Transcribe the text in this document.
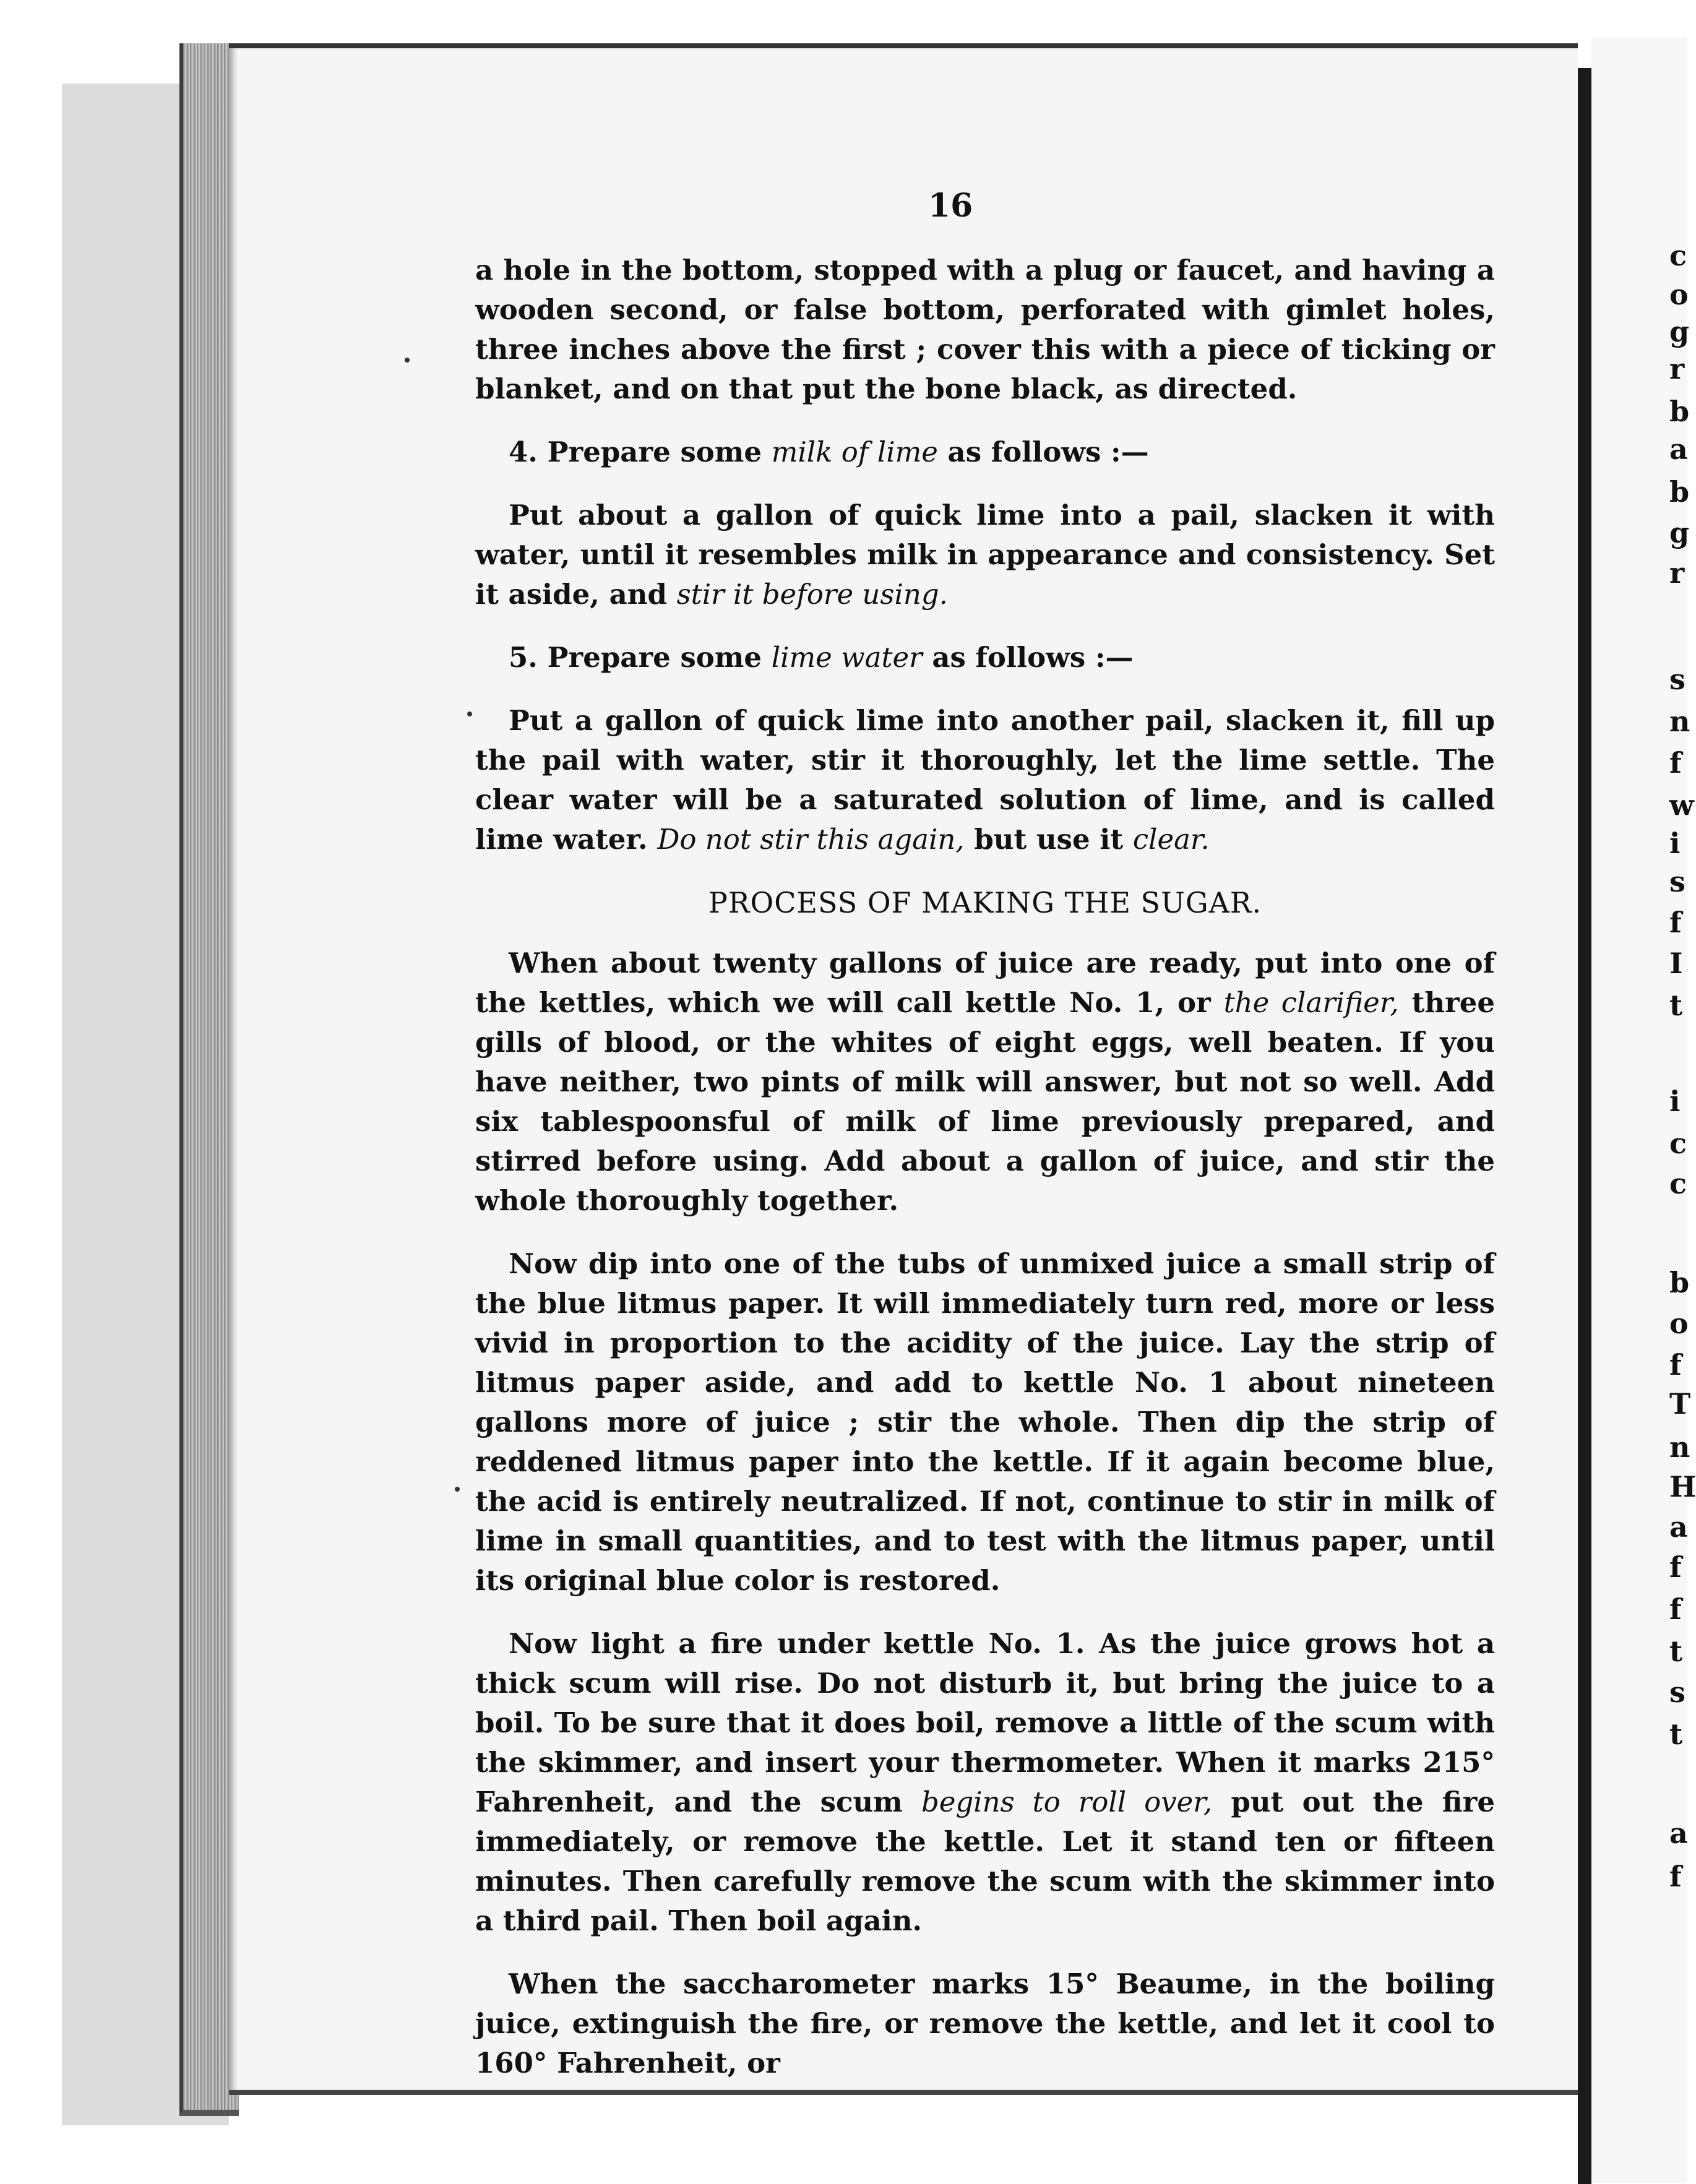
c
o
g
r
b
a
b
g
r
s
n
f
w
i
s
f
I
t
i
c
c
b
o
f
T
n
H
a
f
f
t
s
t
a
f
16

a hole in the bottom, stopped with a plug or faucet, and having a wooden second, or false bottom, perforated with gimlet holes, three inches above the first ; cover this with a piece of ticking or blanket, and on that put the bone black, as directed.

4. Prepare some milk of lime as follows :—

Put about a gallon of quick lime into a pail, slacken it with water, until it resembles milk in appearance and consistency. Set it aside, and stir it before using.

5. Prepare some lime water as follows :—

Put a gallon of quick lime into another pail, slacken it, fill up the pail with water, stir it thoroughly, let the lime settle. The clear water will be a saturated solution of lime, and is called lime water. Do not stir this again, but use it clear.

PROCESS OF MAKING THE SUGAR.

When about twenty gallons of juice are ready, put into one of the kettles, which we will call kettle No. 1, or the clarifier, three gills of blood, or the whites of eight eggs, well beaten. If you have neither, two pints of milk will answer, but not so well. Add six tablespoonsful of milk of lime previously prepared, and stirred before using. Add about a gallon of juice, and stir the whole thoroughly together.

Now dip into one of the tubs of unmixed juice a small strip of the blue litmus paper. It will immediately turn red, more or less vivid in proportion to the acidity of the juice. Lay the strip of litmus paper aside, and add to kettle No. 1 about nineteen gallons more of juice ; stir the whole. Then dip the strip of reddened litmus paper into the kettle. If it again become blue, the acid is entirely neutralized. If not, continue to stir in milk of lime in small quantities, and to test with the litmus paper, until its original blue color is restored.

Now light a fire under kettle No. 1. As the juice grows hot a thick scum will rise. Do not disturb it, but bring the juice to a boil. To be sure that it does boil, remove a little of the scum with the skimmer, and insert your thermometer. When it marks 215° Fahrenheit, and the scum begins to roll over, put out the fire immediately, or remove the kettle. Let it stand ten or fifteen minutes. Then carefully remove the scum with the skimmer into a third pail. Then boil again.

When the saccharometer marks 15° Beaume, in the boiling juice, extinguish the fire, or remove the kettle, and let it cool to 160° Fahrenheit, or
